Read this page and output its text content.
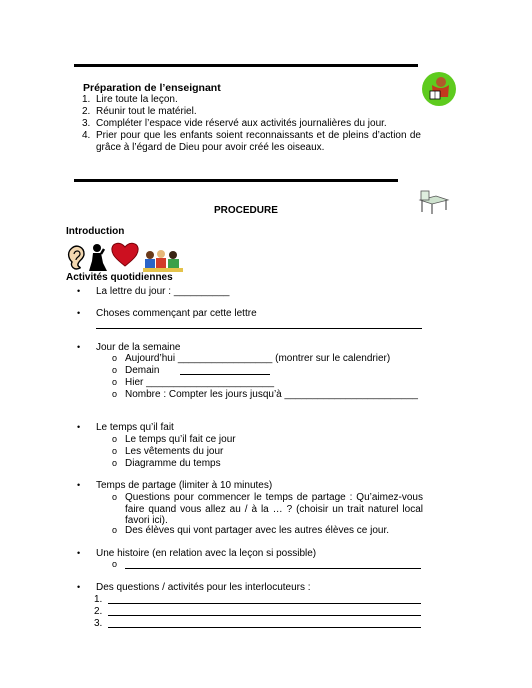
Préparation de l’enseignant
1. Lire toute la leçon.
2. Réunir tout le matériel.
3. Compléter l’espace vide réservé aux activités journalières du jour.
4. Prier pour que les enfants soient reconnaissants et de pleins d’action de grâce à l’égard de Dieu pour avoir créé les oiseaux.
PROCEDURE
Introduction
Activités quotidiennes
• La lettre du jour : __________
• Choses commençant par cette lettre
• Jour de la semaine
o Aujourd’hui _________________ (montrer sur le calendrier)
o Demain
o Hier _______________________
o Nombre : Compter les jours jusqu’à ________________________
• Le temps qu’il fait
o Le temps qu’il fait ce jour
o Les vêtements du jour
o Diagramme du temps
• Temps de partage (limiter à 10 minutes)
o Questions pour commencer le temps de partage : Qu’aimez-vous faire quand vous allez au / à la … ? (choisir un trait naturel local favori ici).
o Des élèves qui vont partager avec les autres élèves ce jour.
• Une histoire (en relation avec la leçon si possible)
o
• Des questions / activités pour les interlocuteurs :
1.
2.
3.
